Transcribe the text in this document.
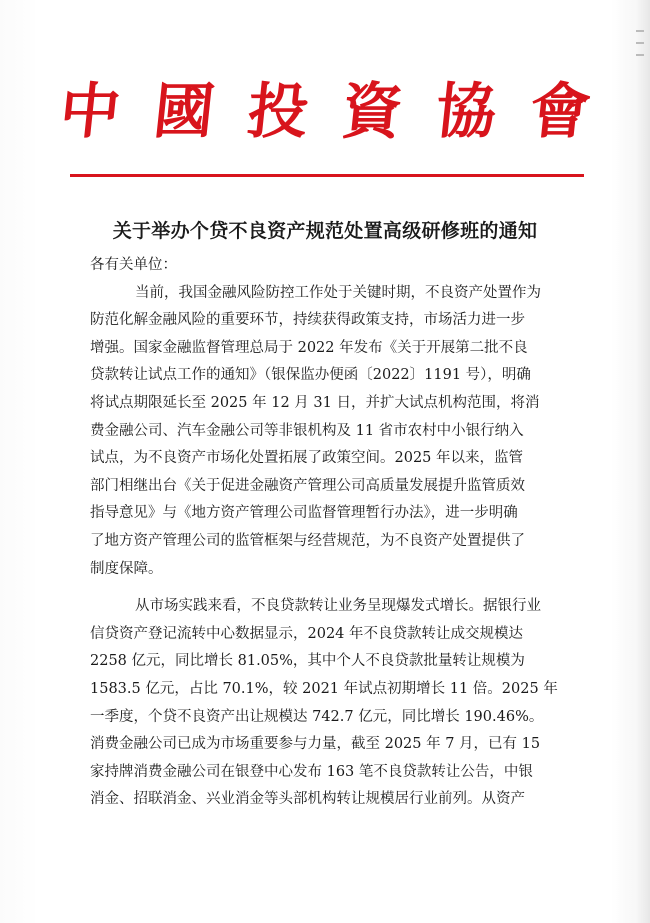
中 國 投 資 協 會
关于举办个贷不良资产规范处置高级研修班的通知
各有关单位：
当前，我国金融风险防控工作处于关键时期，不良资产处置作为
防范化解金融风险的重要环节，持续获得政策支持，市场活力进一步
增强。国家金融监督管理总局于 2022 年发布《关于开展第二批不良
贷款转让试点工作的通知》（银保监办便函〔2022〕1191 号），明确
将试点期限延长至 2025 年 12 月 31 日，并扩大试点机构范围，将消
费金融公司、汽车金融公司等非银机构及 11 省市农村中小银行纳入
试点，为不良资产市场化处置拓展了政策空间。2025 年以来，监管
部门相继出台《关于促进金融资产管理公司高质量发展提升监管质效
指导意见》与《地方资产管理公司监督管理暂行办法》，进一步明确
了地方资产管理公司的监管框架与经营规范，为不良资产处置提供了
制度保障。
从市场实践来看，不良贷款转让业务呈现爆发式增长。据银行业
信贷资产登记流转中心数据显示，2024 年不良贷款转让成交规模达
2258 亿元，同比增长 81.05%，其中个人不良贷款批量转让规模为
1583.5 亿元，占比 70.1%，较 2021 年试点初期增长 11 倍。2025 年
一季度，个贷不良资产出让规模达 742.7 亿元，同比增长 190.46%。
消费金融公司已成为市场重要参与力量，截至 2025 年 7 月，已有 15
家持牌消费金融公司在银登中心发布 163 笔不良贷款转让公告，中银
消金、招联消金、兴业消金等头部机构转让规模居行业前列。从资产
